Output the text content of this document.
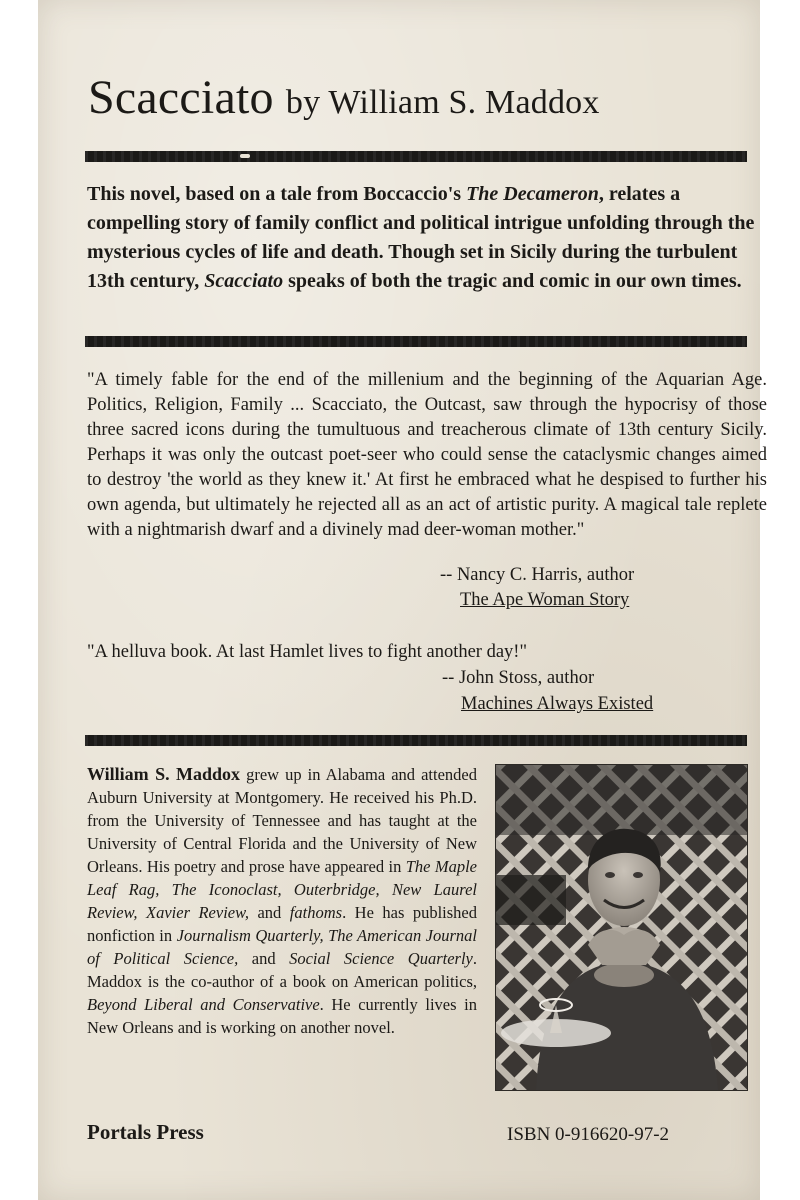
Scacciato by William S. Maddox
This novel, based on a tale from Boccaccio's The Decameron, relates a compelling story of family conflict and political intrigue unfolding through the mysterious cycles of life and death. Though set in Sicily during the turbulent 13th century, Scacciato speaks of both the tragic and comic in our own times.
"A timely fable for the end of the millenium and the beginning of the Aquarian Age. Politics, Religion, Family ... Scacciato, the Outcast, saw through the hypocrisy of those three sacred icons during the tumultuous and treacherous climate of 13th century Sicily. Perhaps it was only the outcast poet-seer who could sense the cataclysmic changes aimed to destroy 'the world as they knew it.' At first he embraced what he despised to further his own agenda, but ultimately he rejected all as an act of artistic purity. A magical tale replete with a nightmarish dwarf and a divinely mad deer-woman mother."
-- Nancy C. Harris, author
The Ape Woman Story
"A helluva book. At last Hamlet lives to fight another day!"
-- John Stoss, author
Machines Always Existed
William S. Maddox grew up in Alabama and attended Auburn University at Montgomery. He received his Ph.D. from the University of Tennessee and has taught at the University of Central Florida and the University of New Orleans. His poetry and prose have appeared in The Maple Leaf Rag, The Iconoclast, Outerbridge, New Laurel Review, Xavier Review, and fathoms. He has published nonfiction in Journalism Quarterly, The American Journal of Political Science, and Social Science Quarterly. Maddox is the co-author of a book on American politics, Beyond Liberal and Conservative. He currently lives in New Orleans and is working on another novel.
Portals Press	ISBN 0-916620-97-2
